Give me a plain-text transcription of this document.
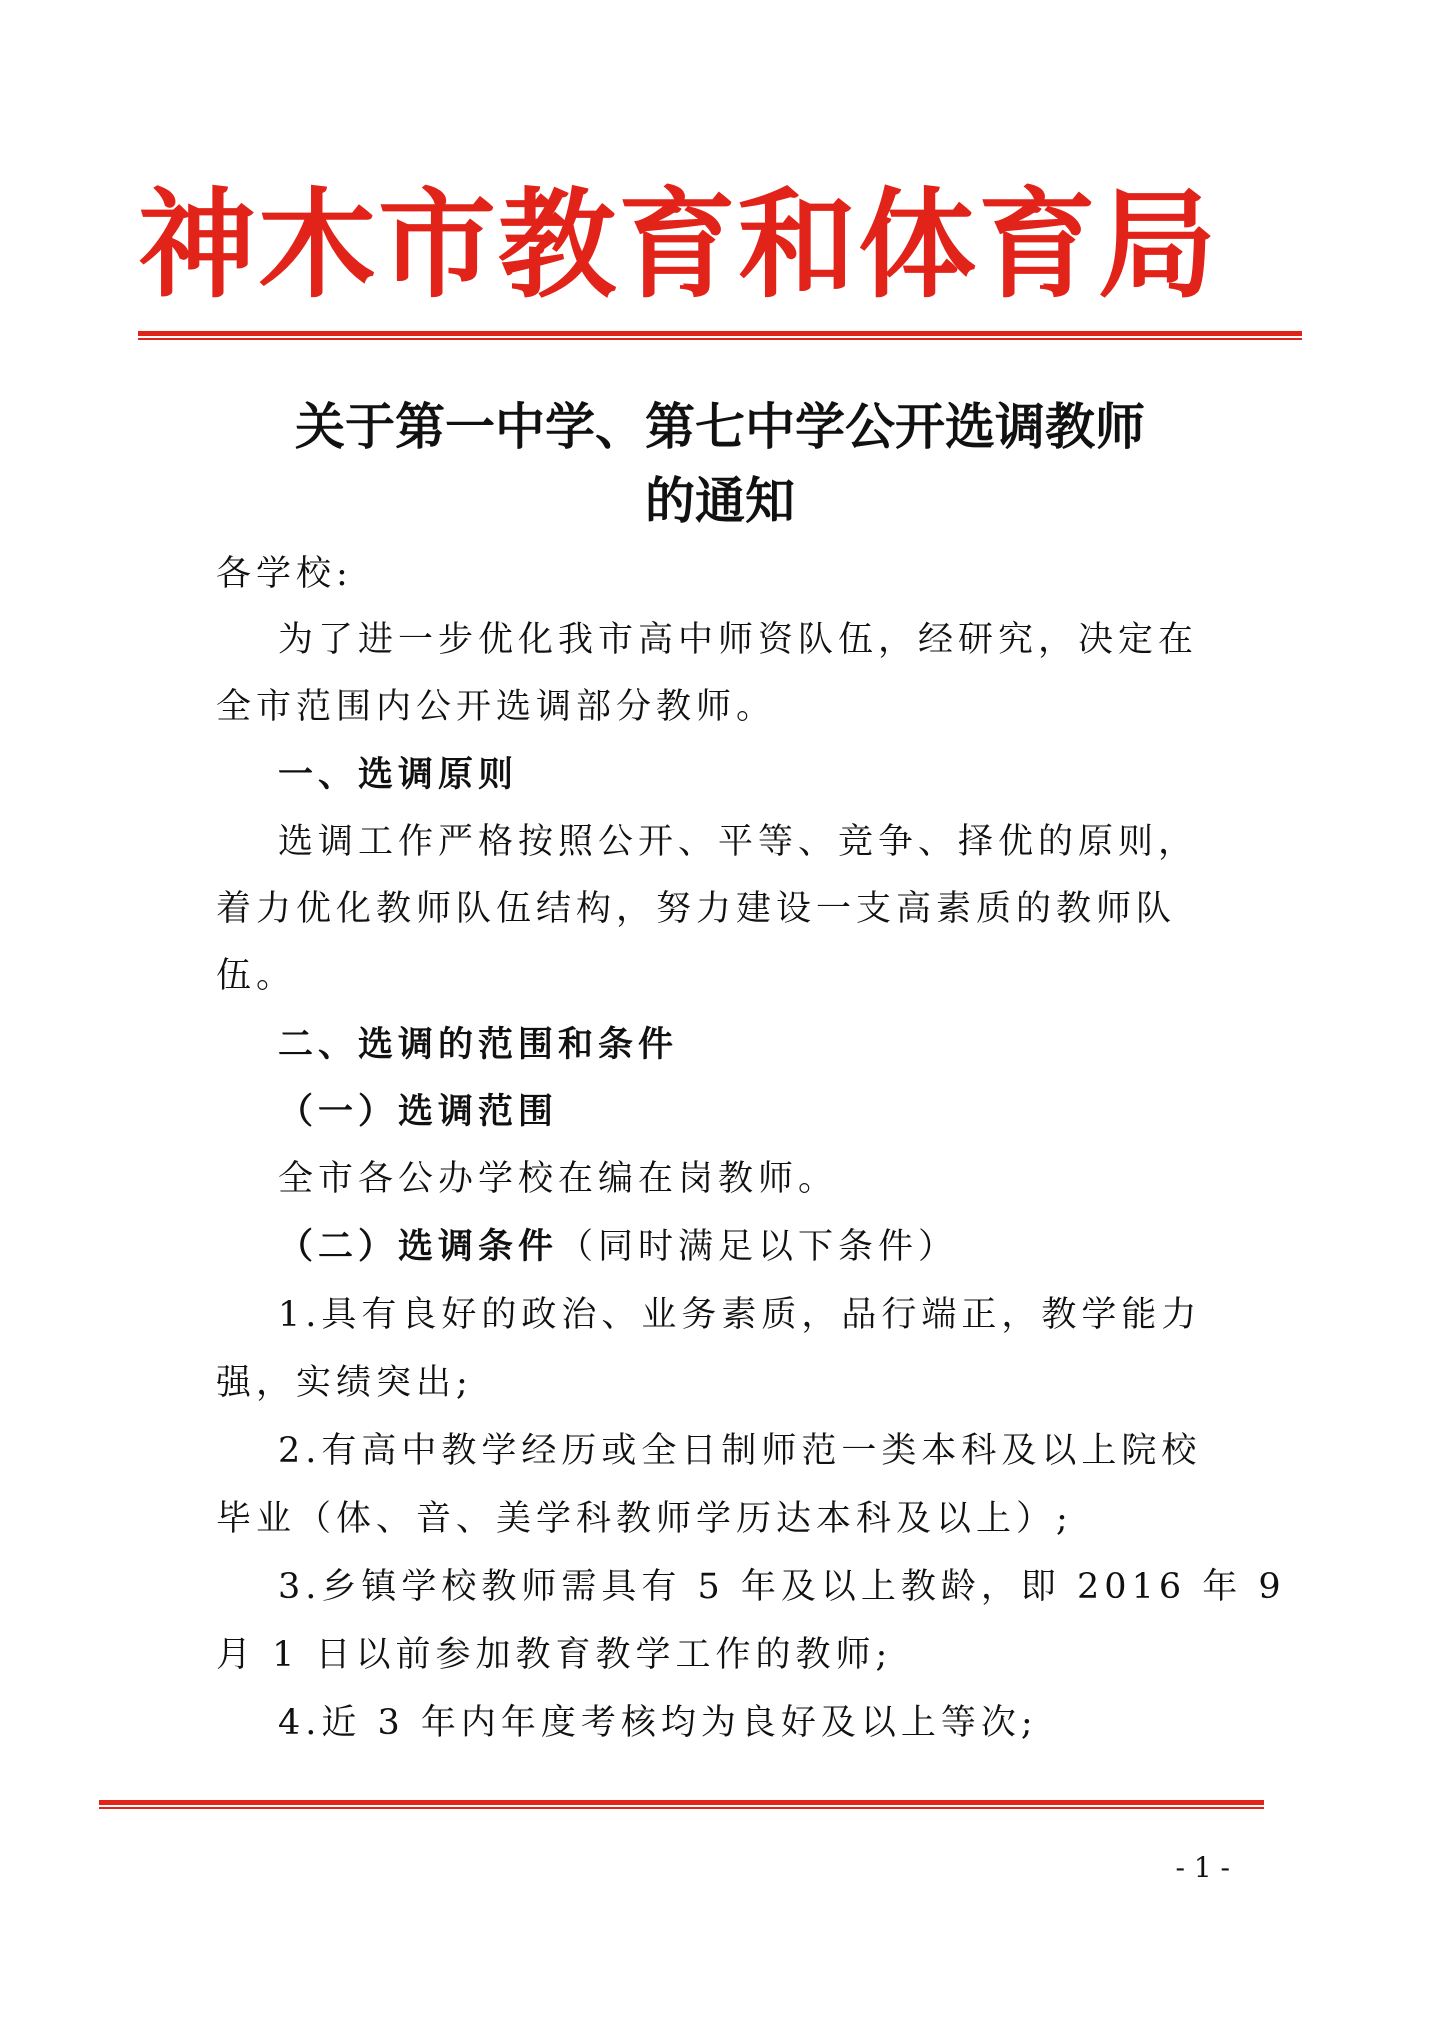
神木市教育和体育局
关于第一中学、第七中学公开选调教师
的通知
各学校:
为了进一步优化我市高中师资队伍，经研究，决定在
全市范围内公开选调部分教师。
一、选调原则
选调工作严格按照公开、平等、竞争、择优的原则，
着力优化教师队伍结构，努力建设一支高素质的教师队
伍。
二、选调的范围和条件
（一）选调范围
全市各公办学校在编在岗教师。
（二）选调条件（同时满足以下条件）
1.具有良好的政治、业务素质，品行端正，教学能力
强，实绩突出;
2.有高中教学经历或全日制师范一类本科及以上院校
毕业（体、音、美学科教师学历达本科及以上）;
3.乡镇学校教师需具有 5 年及以上教龄，即 2016 年 9
月 1 日以前参加教育教学工作的教师;
4.近 3 年内年度考核均为良好及以上等次;
- 1 -
